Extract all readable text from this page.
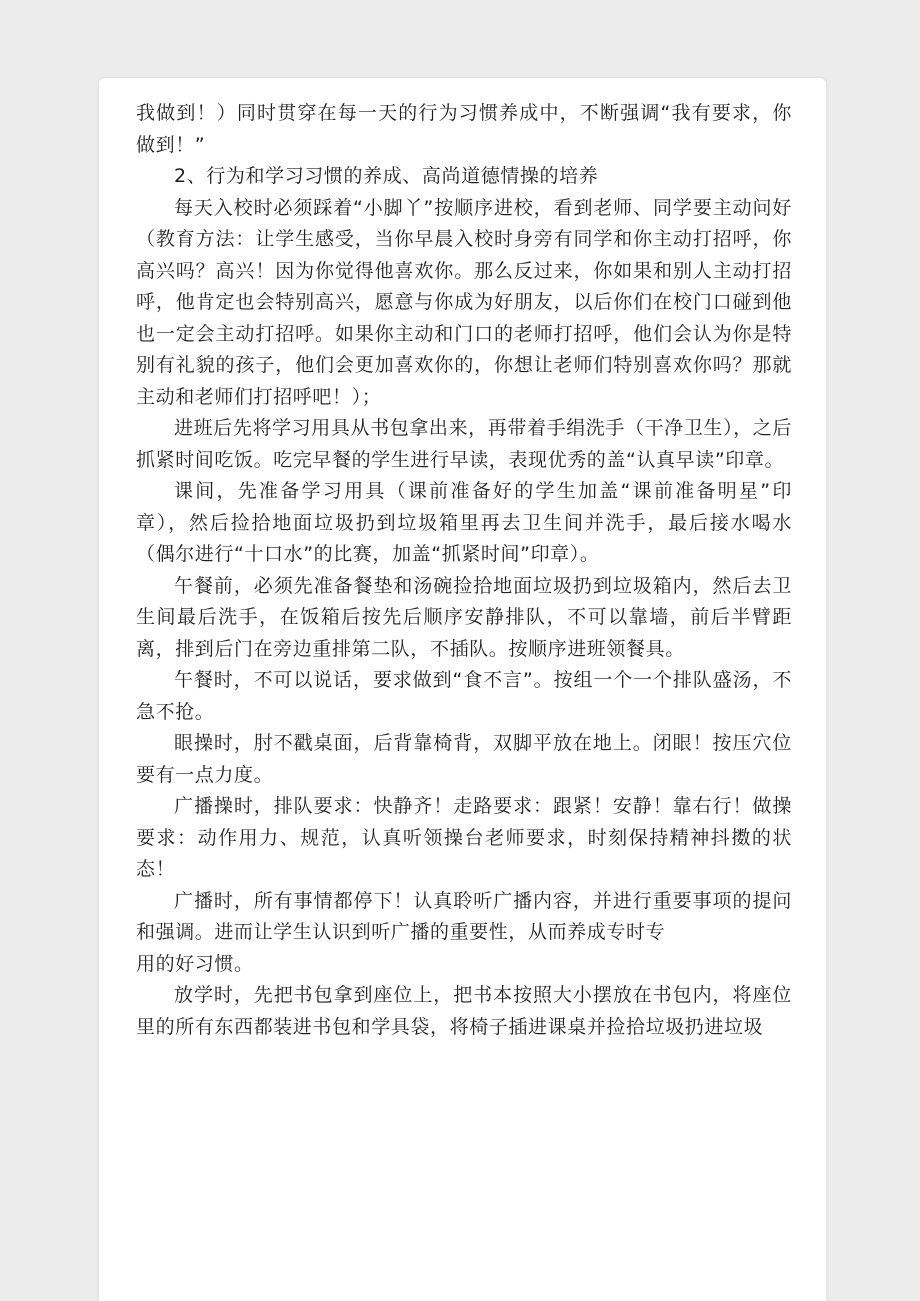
我做到！）同时贯穿在每一天的行为习惯养成中，不断强调“我有要求，你做到！”

2、行为和学习习惯的养成、高尚道德情操的培养

每天入校时必须踩着“小脚丫”按顺序进校，看到老师、同学要主动问好（教育方法：让学生感受，当你早晨入校时身旁有同学和你主动打招呼，你高兴吗？高兴！因为你觉得他喜欢你。那么反过来，你如果和别人主动打招呼，他肯定也会特别高兴，愿意与你成为好朋友，以后你们在校门口碰到他也一定会主动打招呼。如果你主动和门口的老师打招呼，他们会认为你是特别有礼貌的孩子，他们会更加喜欢你的，你想让老师们特别喜欢你吗？那就主动和老师们打招呼吧！）；

进班后先将学习用具从书包拿出来，再带着手绢洗手（干净卫生），之后抓紧时间吃饭。吃完早餐的学生进行早读，表现优秀的盖“认真早读”印章。

课间，先准备学习用具（课前准备好的学生加盖“课前准备明星”印章），然后捡拾地面垃圾扔到垃圾箱里再去卫生间并洗手，最后接水喝水（偶尔进行“十口水”的比赛，加盖“抓紧时间”印章）。

午餐前，必须先准备餐垫和汤碗捡拾地面垃圾扔到垃圾箱内，然后去卫生间最后洗手，在饭箱后按先后顺序安静排队，不可以靠墙，前后半臂距离，排到后门在旁边重排第二队，不插队。按顺序进班领餐具。

午餐时，不可以说话，要求做到“食不言”。按组一个一个排队盛汤，不急不抢。

眼操时，肘不戳桌面，后背靠椅背，双脚平放在地上。闭眼！按压穴位要有一点力度。

广播操时，排队要求：快静齐！走路要求：跟紧！安静！靠右行！做操要求：动作用力、规范，认真听领操台老师要求，时刻保持精神抖擞的状态！

广播时，所有事情都停下！认真聆听广播内容，并进行重要事项的提问和强调。进而让学生认识到听广播的重要性，从而养成专时专

用的好习惯。

放学时，先把书包拿到座位上，把书本按照大小摆放在书包内，将座位里的所有东西都装进书包和学具袋，将椅子插进课桌并捡拾垃圾扔进垃圾
